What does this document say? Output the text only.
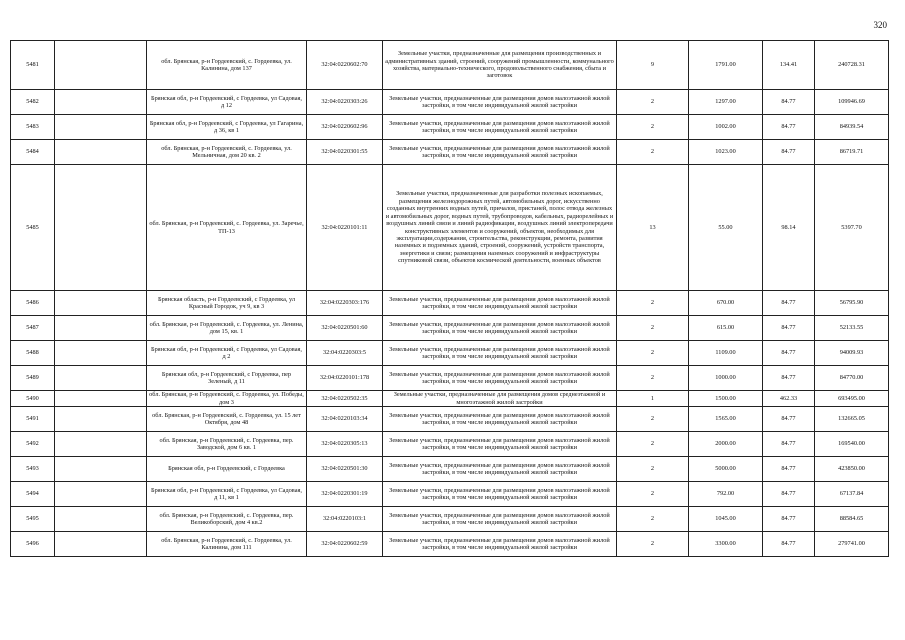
320
5481		обл. Брянская, р-н Гордеевский, с. Гордеевка, ул. Калинина, дом 137	32:04:0220602:70	Земельные участки, предназначенные для размещения производственных и административных зданий, строений, сооружений промышленности, коммунального хозяйства, материально-технического, продовольственного снабжения, сбыта и заготовок	9	1791.00	134.41	240728.31
5482		Брянская обл, р-н Гордеевский, с Гордеевка, ул Садовая, д 12	32:04:0220303:26	Земельные участки, предназначенные для размещения домов малоэтажной жилой застройки, в том числе индивидуальной жилой застройки	2	1297.00	84.77	109946.69
5483		Брянская обл, р-н Гордеевский, с Гордеевка, ул Гагарина, д 36, кв 1	32:04:0220602:96	Земельные участки, предназначенные для размещения домов малоэтажной жилой застройки, в том числе индивидуальной жилой застройки	2	1002.00	84.77	84939.54
5484		обл. Брянская, р-н Гордеевский, с. Гордеевка, ул. Мельничная, дом 20 кв. 2	32:04:0220301:55	Земельные участки, предназначенные для размещения домов малоэтажной жилой застройки, в том числе индивидуальной жилой застройки	2	1023.00	84.77	86719.71
5485		обл. Брянская, р-н Гордеевский, с. Гордеевка, ул. Заречье, ТП-13	32:04:0220101:11	Земельные участки, предназначенные для разработки полезных ископаемых, размещения железнодорожных путей, автомобильных дорог, искусственно созданных внутренних водных путей, причалов, пристаней, полос отвода железных и автомобильных дорог, водных путей, трубопроводов, кабельных, радиорелейных и воздушных линий связи и линий радиофикации, воздушных линий электропередачи конструктивных элементов и сооружений, объектов, необходимых для эксплуатации,содержания, строительства, реконструкции, ремонта, развития наземных и подземных зданий, строений, сооружений, устройств транспорта, энергетики и связи; размещения наземных сооружений и инфраструктуры спутниковой связи, объектов космической деятельности, военных объектов	13	55.00	98.14	5397.70
5486		Брянская область, р-н Гордеевский, с Гордеевка, ул Красный Городок, уч 9, кв 3	32:04:0220303:176	Земельные участки, предназначенные для размещения домов малоэтажной жилой застройки, в том числе индивидуальной жилой застройки	2	670.00	84.77	56795.90
5487		обл. Брянская, р-н Гордеевский, с. Гордеевка, ул. Ленина, дом 15, кв. 1	32:04:0220501:60	Земельные участки, предназначенные для размещения домов малоэтажной жилой застройки, в том числе индивидуальной жилой застройки	2	615.00	84.77	52133.55
5488		Брянская обл, р-н Гордеевский, с Гордеевка, ул Садовая, д 2	32:04:0220303:5	Земельные участки, предназначенные для размещения домов малоэтажной жилой застройки, в том числе индивидуальной жилой застройки	2	1109.00	84.77	94009.93
5489		Брянская обл, р-н Гордеевский, с Гордеевка, пер Зеленый, д 11	32:04:0220101:178	Земельные участки, предназначенные для размещения домов малоэтажной жилой застройки, в том числе индивидуальной жилой застройки	2	1000.00	84.77	84770.00
5490		обл. Брянская, р-н Гордеевский, с. Гордеевка, ул. Победы, дом 3	32:04:0220502:35	Земельные участки, предназначенные для размещения домов среднеэтажной и многоэтажной жилой застройки	1	1500.00	462.33	693495.00
5491		обл. Брянская, р-н Гордеевский, с. Гордеевка, ул. 15 лет Октября, дом 48	32:04:0220103:34	Земельные участки, предназначенные для размещения домов малоэтажной жилой застройки, в том числе индивидуальной жилой застройки	2	1565.00	84.77	132665.05
5492		обл. Брянская, р-н Гордеевский, с. Гордеевка, пер. Заводской, дом 6 кв. 1	32:04:0220305:13	Земельные участки, предназначенные для размещения домов малоэтажной жилой застройки, в том числе индивидуальной жилой застройки	2	2000.00	84.77	169540.00
5493		Брянская обл, р-н Гордеевский, с Гордеевка	32:04:0220501:30	Земельные участки, предназначенные для размещения домов малоэтажной жилой застройки, в том числе индивидуальной жилой застройки	2	5000.00	84.77	423850.00
5494		Брянская обл, р-н Гордеевский, с Гордеевка, ул Садовая, д 11, кв 1	32:04:0220301:19	Земельные участки, предназначенные для размещения домов малоэтажной жилой застройки, в том числе индивидуальной жилой застройки	2	792.00	84.77	67137.84
5495		обл. Брянская, р-н Гордеевский, с. Гордеевка, пер. Великоборский, дом 4 кв.2	32:04:0220103:1	Земельные участки, предназначенные для размещения домов малоэтажной жилой застройки, в том числе индивидуальной жилой застройки	2	1045.00	84.77	88584.65
5496		обл. Брянская, р-н Гордеевский, с. Гордеевка, ул. Калинина, дом 111	32:04:0220602:59	Земельные участки, предназначенные для размещения домов малоэтажной жилой застройки, в том числе индивидуальной жилой застройки	2	3300.00	84.77	279741.00
